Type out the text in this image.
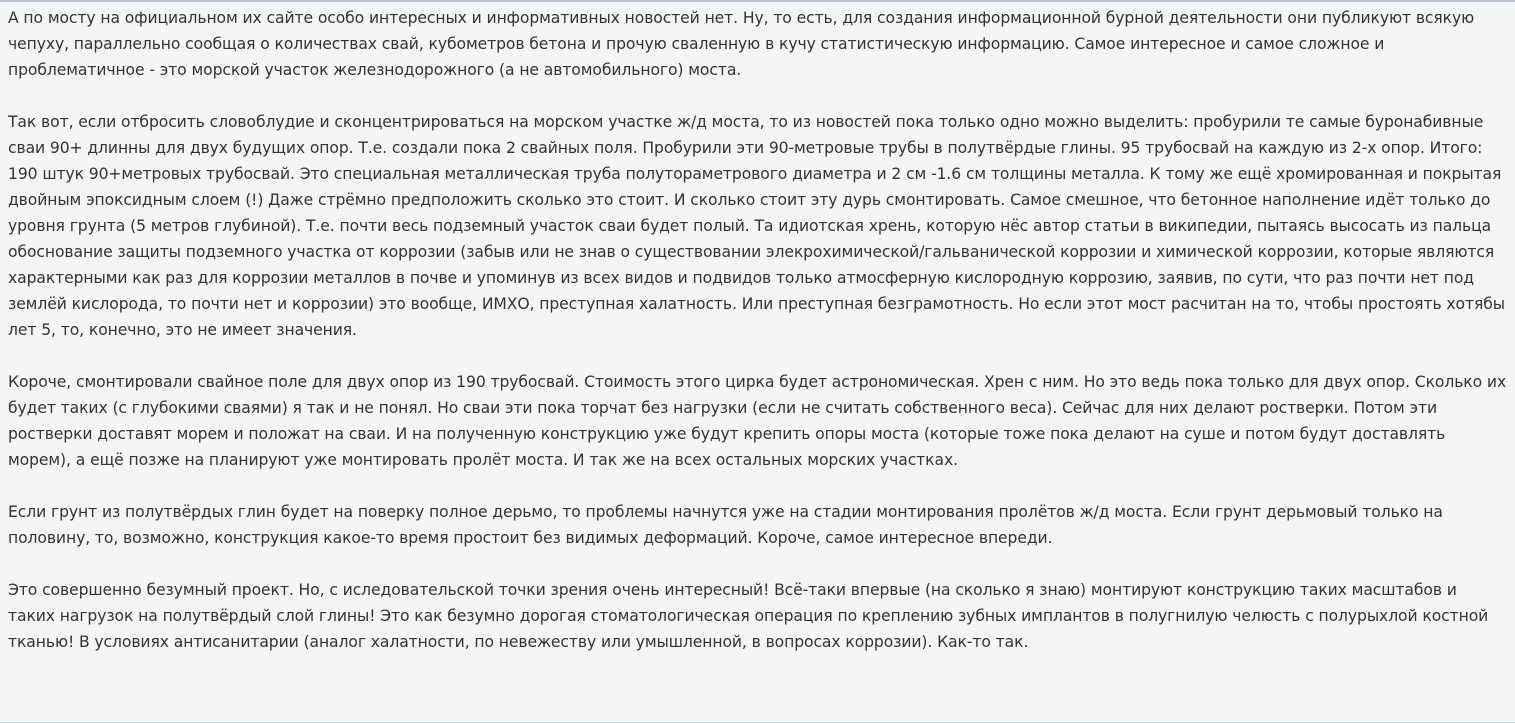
А по мосту на официальном их сайте особо интересных и информативных новостей нет. Ну, то есть, для создания информационной бурной деятельности они публикуют всякую чепуху, параллельно сообщая о количествах свай, кубометров бетона и прочую сваленную в кучу статистическую информацию. Самое интересное и самое сложное и проблематичное - это морской участок железнодорожного (а не автомобильного) моста.

Так вот, если отбросить словоблудие и сконцентрироваться на морском участке ж/д моста, то из новостей пока только одно можно выделить: пробурили те самые буронабивные сваи 90+ длинны для двух будущих опор. Т.е. создали пока 2 свайных поля. Пробурили эти 90-метровые трубы в полутвёрдые глины. 95 трубосвай на каждую из 2-х опор. Итого: 190 штук 90+метровых трубосвай. Это специальная металлическая труба полутораметрового диаметра и 2 см -1.6 см толщины металла. К тому же ещё хромированная и покрытая двойным эпоксидным слоем (!) Даже стрёмно предположить сколько это стоит. И сколько стоит эту дурь смонтировать. Самое смешное, что бетонное наполнение идёт только до уровня грунта (5 метров глубиной). Т.е. почти весь подземный участок сваи будет полый. Та идиотская хрень, которую нёс автор статьи в википедии, пытаясь высосать из пальца обоснование защиты подземного участка от коррозии (забыв или не знав о существовании элекрохимической/гальванической коррозии и химической коррозии, которые являются характерными как раз для коррозии металлов в почве и упоминув из всех видов и подвидов только атмосферную кислородную коррозию, заявив, по сути, что раз почти нет под землёй кислорода, то почти нет и коррозии) это вообще, ИМХО, преступная халатность. Или преступная безграмотность. Но если этот мост расчитан на то, чтобы простоять хотябы лет 5, то, конечно, это не имеет значения.

Короче, смонтировали свайное поле для двух опор из 190 трубосвай. Стоимость этого цирка будет астрономическая. Хрен с ним. Но это ведь пока только для двух опор. Сколько их будет таких (с глубокими сваями) я так и не понял. Но сваи эти пока торчат без нагрузки (если не считать собственного веса). Сейчас для них делают ростверки. Потом эти ростверки доставят морем и положат на сваи. И на полученную конструкцию уже будут крепить опоры моста (которые тоже пока делают на суше и потом будут доставлять морем), а ещё позже на планируют уже монтировать пролёт моста. И так же на всех остальных морских участках.

Если грунт из полутвёрдых глин будет на поверку полное дерьмо, то проблемы начнутся уже на стадии монтирования пролётов ж/д моста. Если грунт дерьмовый только на половину, то, возможно, конструкция какое-то время простоит без видимых деформаций. Короче, самое интересное впереди.

Это совершенно безумный проект. Но, с иследовательской точки зрения очень интересный! Всё-таки впервые (на сколько я знаю) монтируют конструкцию таких масштабов и таких нагрузок на полутвёрдый слой глины! Это как безумно дорогая стоматологическая операция по креплению зубных имплантов в полугнилую челюсть с полурыхлой костной тканью! В условиях антисанитарии (аналог халатности, по невежеству или умышленной, в вопросах коррозии). Как-то так.
